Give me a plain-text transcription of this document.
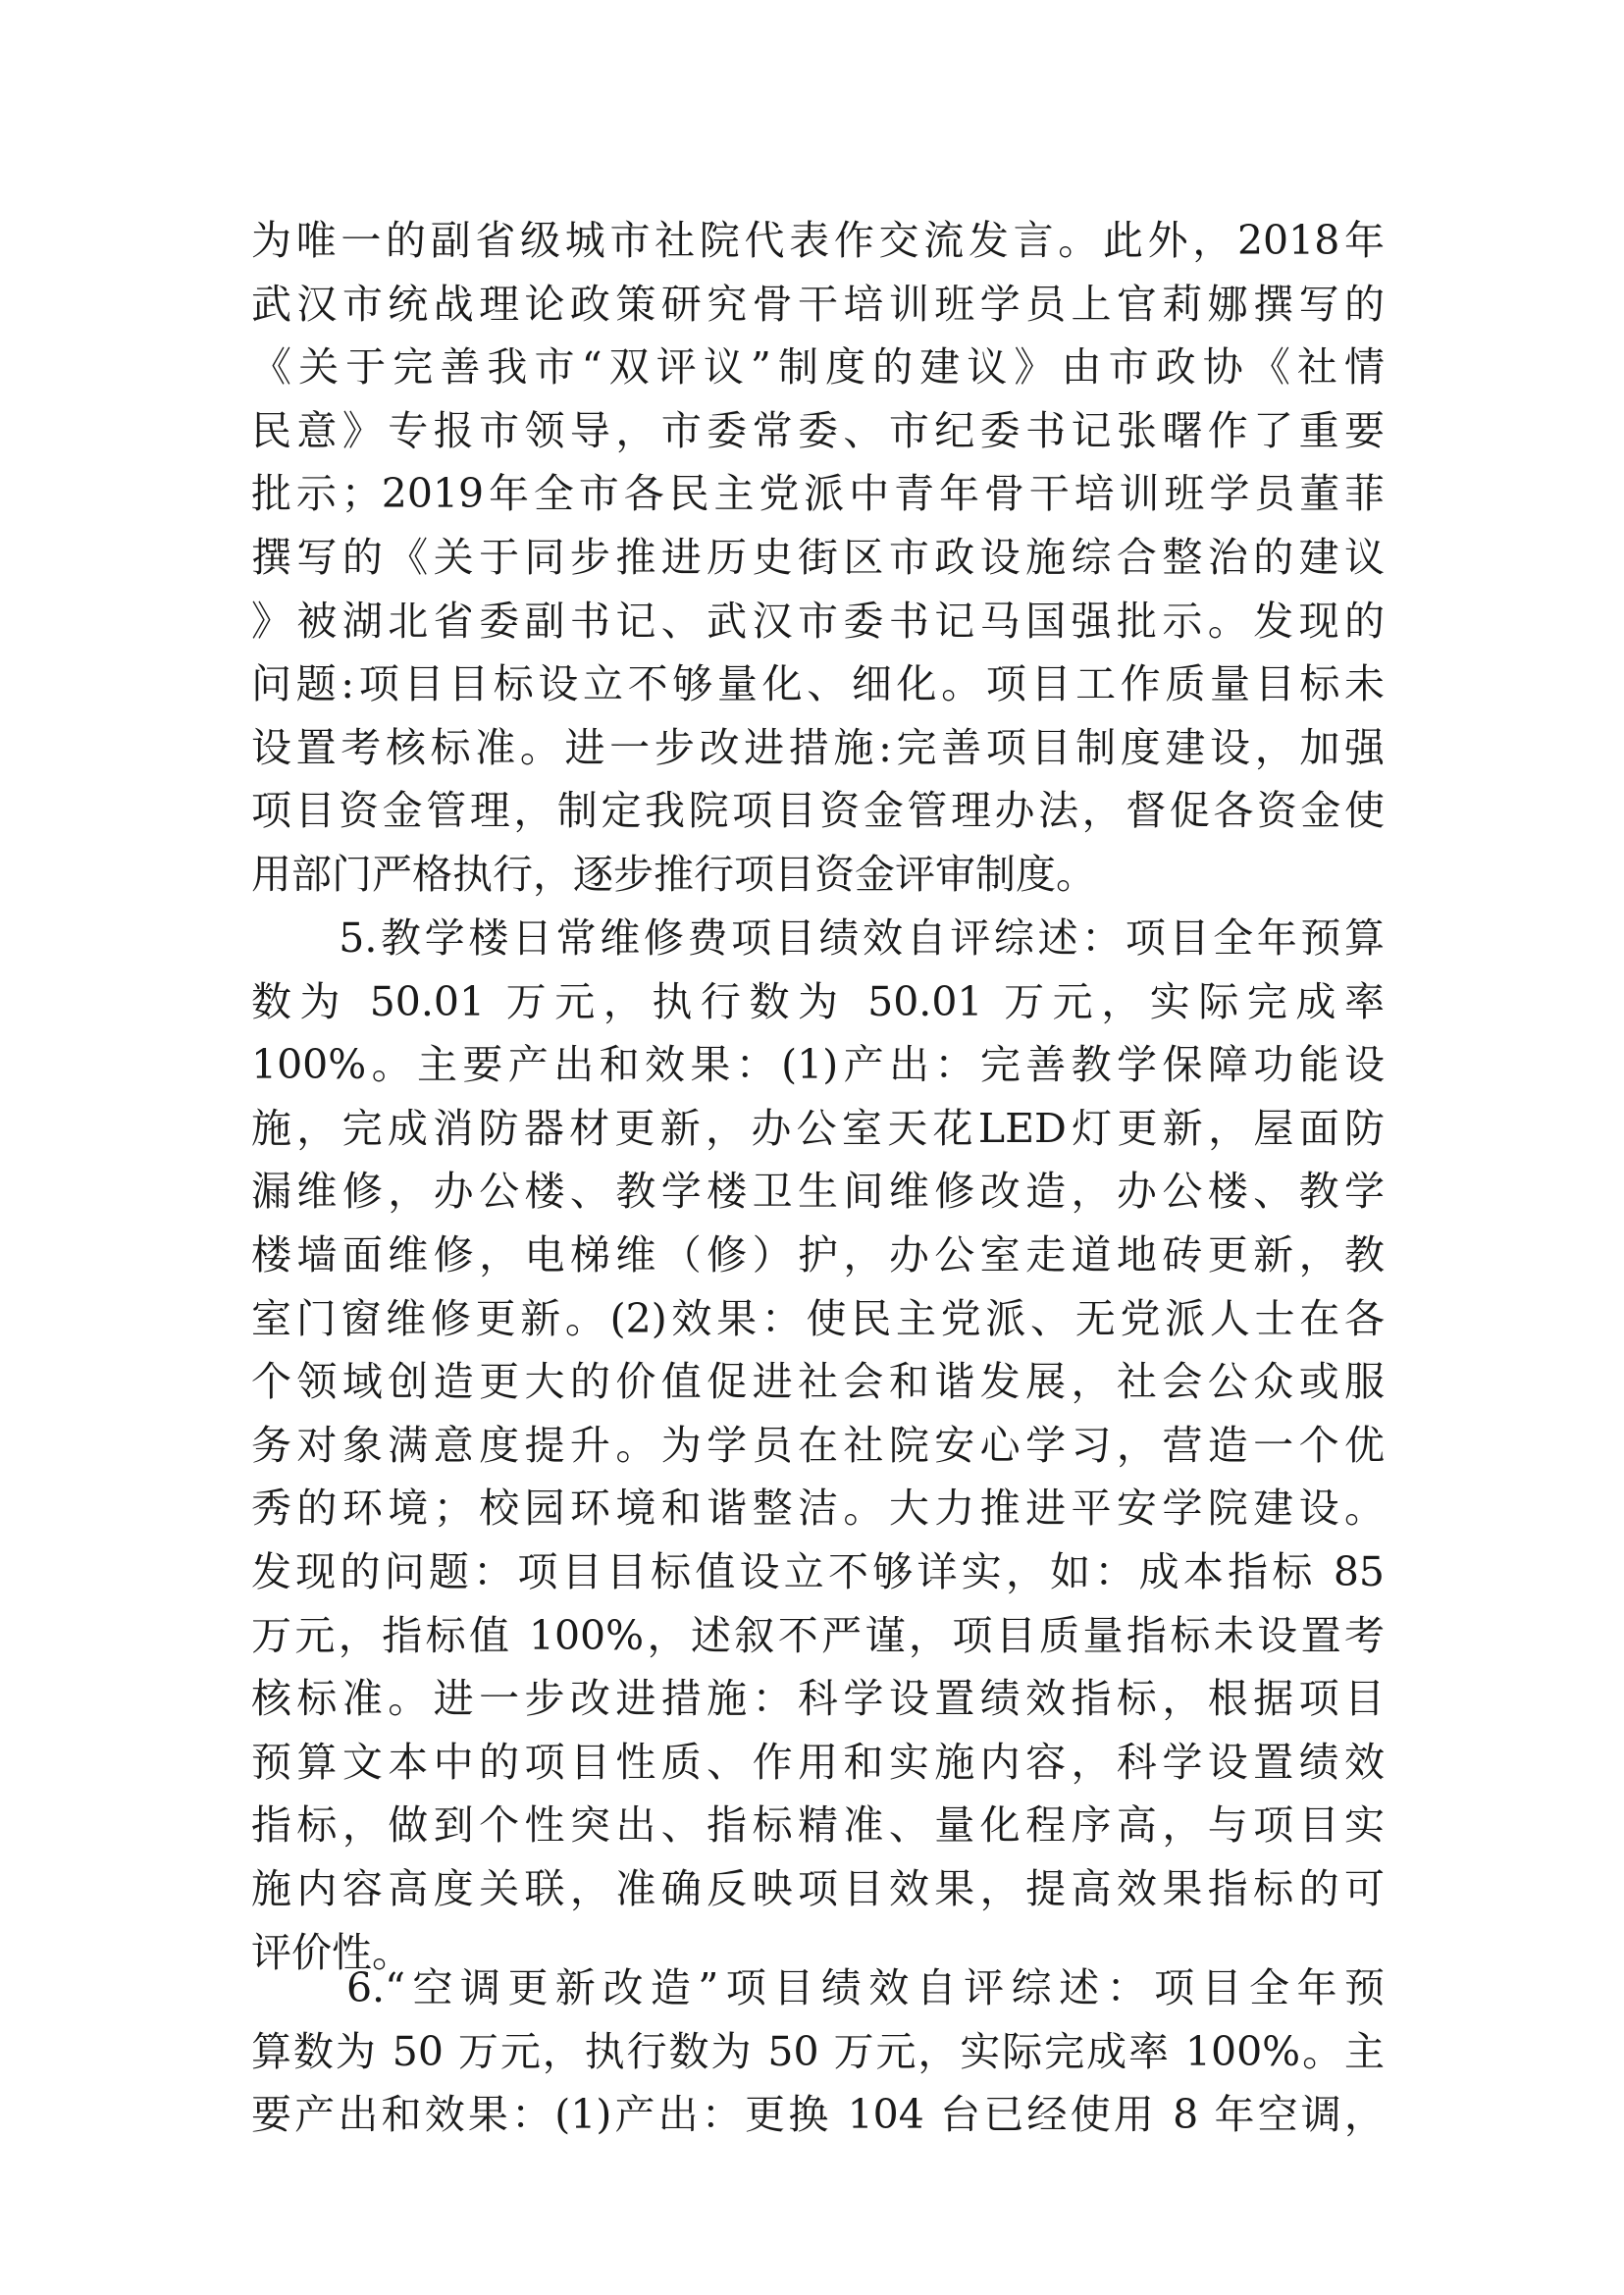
为唯一的副省级城市社院代表作交流发言。此外，2018年
武汉市统战理论政策研究骨干培训班学员上官莉娜撰写的
《关于完善我市“双评议”制度的建议》由市政协《社情
民意》专报市领导，市委常委、市纪委书记张曙作了重要
批示；2019年全市各民主党派中青年骨干培训班学员董菲
撰写的《关于同步推进历史街区市政设施综合整治的建议
》被湖北省委副书记、武汉市委书记马国强批示。发现的
问题:项目目标设立不够量化、细化。项目工作质量目标未
设置考核标准。进一步改进措施:完善项目制度建设，加强
项目资金管理，制定我院项目资金管理办法，督促各资金使
用部门严格执行，逐步推行项目资金评审制度。
　　5.教学楼日常维修费项目绩效自评综述：项目全年预算
数为 50.01 万元，执行数为 50.01 万元，实际完成率
100%。主要产出和效果：(1)产出：完善教学保障功能设
施，完成消防器材更新，办公室天花LED灯更新，屋面防
漏维修，办公楼、教学楼卫生间维修改造，办公楼、教学
楼墙面维修，电梯维（修）护，办公室走道地砖更新，教
室门窗维修更新。(2)效果：使民主党派、无党派人士在各
个领域创造更大的价值促进社会和谐发展，社会公众或服
务对象满意度提升。为学员在社院安心学习，营造一个优
秀的环境；校园环境和谐整洁。大力推进平安学院建设。
发现的问题：项目目标值设立不够详实，如：成本指标 85
万元，指标值 100%，述叙不严谨，项目质量指标未设置考
核标准。进一步改进措施：科学设置绩效指标，根据项目
预算文本中的项目性质、作用和实施内容，科学设置绩效
指标，做到个性突出、指标精准、量化程序高，与项目实
施内容高度关联，准确反映项目效果，提高效果指标的可
评价性。
　　6.“空调更新改造”项目绩效自评综述：项目全年预
算数为 50 万元，执行数为 50 万元，实际完成率 100%。主
要产出和效果：(1)产出：更换 104 台已经使用 8 年空调，
